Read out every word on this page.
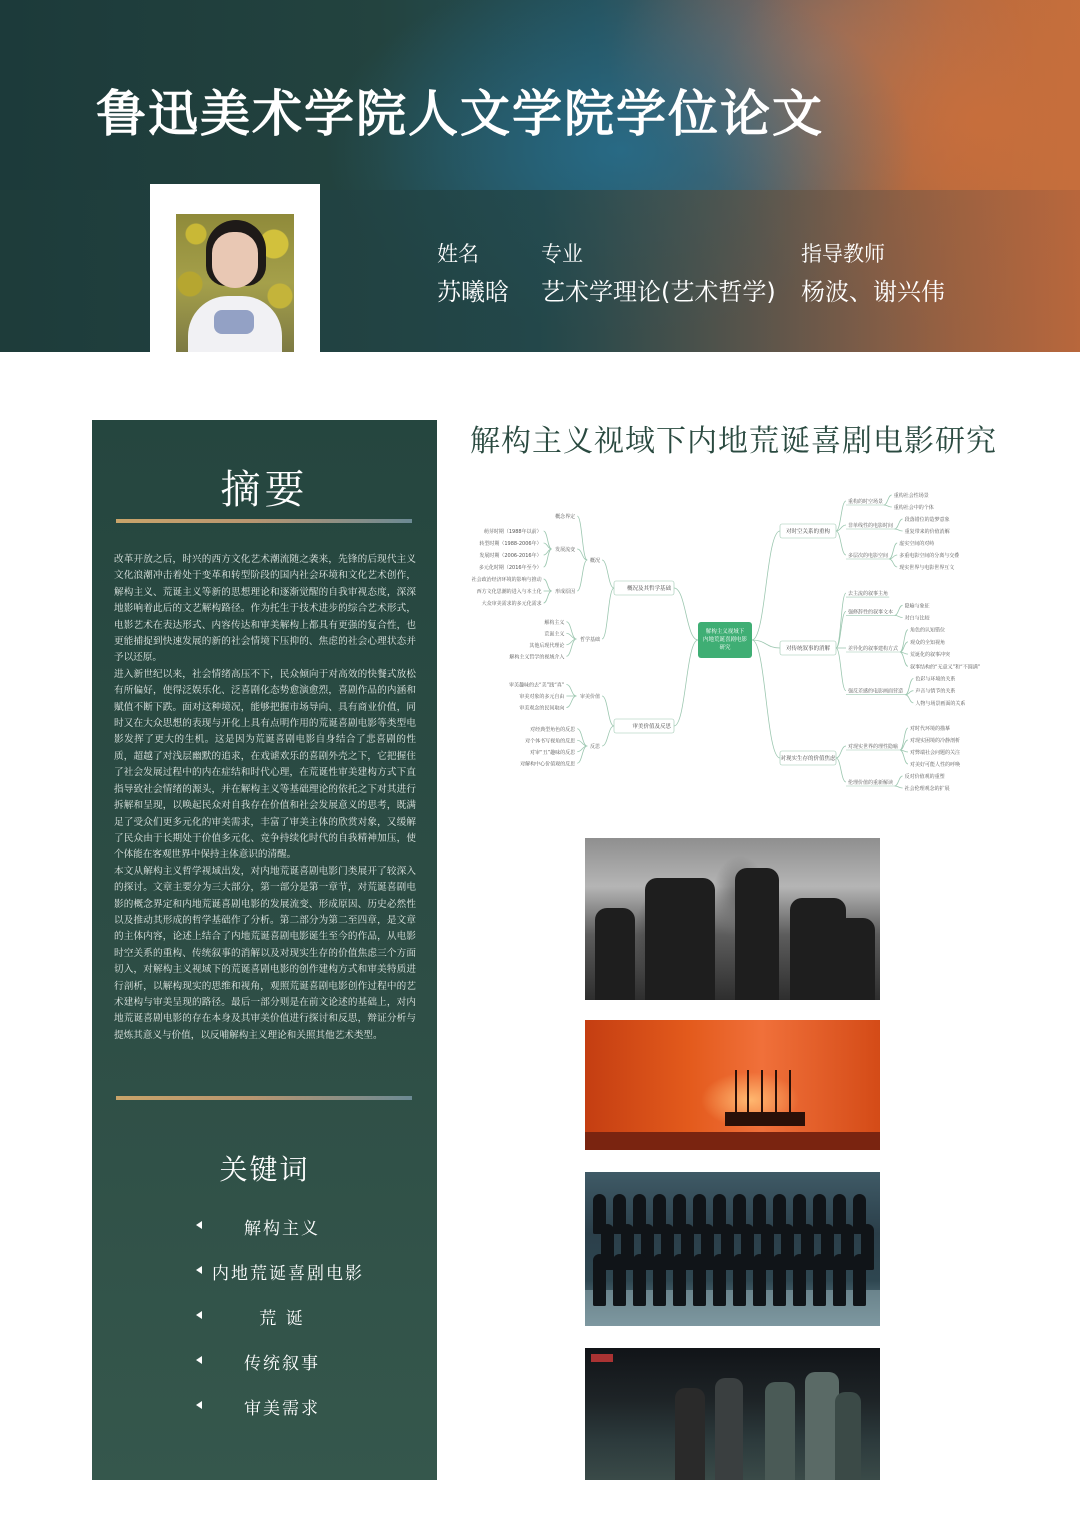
鲁迅美术学院人文学院学位论文
姓名
苏曦晗
专业
艺术学理论(艺术哲学)
指导教师
杨波、谢兴伟
摘要

改革开放之后，时兴的西方文化艺术潮流随之袭来，先锋的后现代主义文化浪潮冲击着处于变革和转型阶段的国内社会环境和文化艺术创作，解构主义、荒诞主义等新的思想理论和逐渐觉醒的自我审视态度，深深地影响着此后的文艺解构路径。作为托生于技术进步的综合艺术形式，电影艺术在表达形式、内容传达和审美解构上都具有更强的复合性，也更能捕捉到快速发展的新的社会情境下压抑的、焦虑的社会心理状态并予以还原。

进入新世纪以来，社会情绪高压不下，民众倾向于对高效的快餐式放松有所偏好，使得泛娱乐化、泛喜剧化态势愈演愈烈，喜剧作品的内涵和赋值不断下跌。面对这种境况，能够把握市场导向、具有商业价值，同时又在大众思想的表现与开化上具有点明作用的荒诞喜剧电影等类型电影发挥了更大的生机。这是因为荒诞喜剧电影自身结合了悲喜剧的性质，超越了对浅层幽默的追求，在戏谑欢乐的喜剧外壳之下，它把握住了社会发展过程中的内在症结和时代心理，在荒诞性审美建构方式下直指导致社会情绪的源头，并在解构主义等基础理论的依托之下对其进行拆解和呈现，以唤起民众对自我存在价值和社会发展意义的思考，既满足了受众们更多元化的审美需求，丰富了审美主体的欣赏对象，又缓解了民众由于长期处于价值多元化、竞争持续化时代的自我精神加压，使个体能在客观世界中保持主体意识的清醒。

本文从解构主义哲学视域出发，对内地荒诞喜剧电影门类展开了较深入的探讨。文章主要分为三大部分，第一部分是第一章节，对荒诞喜剧电影的概念界定和内地荒诞喜剧电影的发展流变、形成原因、历史必然性以及推动其形成的哲学基础作了分析。第二部分为第二至四章，是文章的主体内容，论述上结合了内地荒诞喜剧电影诞生至今的作品，从电影时空关系的重构、传统叙事的消解以及对现实生存的价值焦虑三个方面切入，对解构主义视域下的荒诞喜剧电影的创作建构方式和审美特质进行剖析，以解构现实的思维和视角，观照荒诞喜剧电影创作过程中的艺术建构与审美呈现的路径。最后一部分则是在前文论述的基础上，对内地荒诞喜剧电影的存在本身及其审美价值进行探讨和反思，辩证分析与提炼其意义与价值，以反哺解构主义理论和关照其他艺术类型。

关键词
解构主义
内地荒诞喜剧电影
荒 诞
传统叙事
审美需求
解构主义视域下内地荒诞喜剧电影研究
解构主义视域下
内地荒诞喜剧电影
研究
对时空关系的重构
重构的时空场景
重构社会性场景
重构社会中的个体
非单线性的电影时间
段落错位的造梦意象
重复带来的价值消解
多层次的电影空间
虚实空间的对峙
多重电影空间的分离与交叠
现实世界与电影世界互文
对传统叙事的消解
去主流的叙事主角
强修辞性的叙事文本
隐喻与象征
对白与比较
差异化的叙事建构方式
角色的认知错位
观众的全知视角
荒诞化的叙事冲突
叙事结构的“无意义”和“不圆满”
强反差感的电影画面营造
色彩与环境的关系
声音与情节的关系
人物与场景画面的关系
对现实生存的价值焦虑
对现实世界的理性隐喻
对时代环境的描摹
对现实困境的冷静剖析
对弊端社会问题的关注
对美好可能人性的呼唤
伦理价值的重新解读
反对价值观的重塑
社会伦理观念的扩展
概况及其哲学基础
概况
概念界定
发展流变
萌芽时期（1988年以前）
转型时期（1988-2006年）
发展时期（2006-2016年）
多元化时期（2016年至今）
形成原因
社会政治经济环境的影响与推动
西方文化思潮的进入与本土化
大众审美需求的多元化需求
哲学基础
解构主义
荒诞主义
其他后现代理论
解构主义哲学的视域介入
审美价值及反思
审美价值
审美趣味的去“美”践“真”
审美对象的多元自由
审美观念的民间取向
反思
对经典型角色的反思
对个体书写视角的反思
对审“丑”趣味的反思
对解构中心价值观的反思
